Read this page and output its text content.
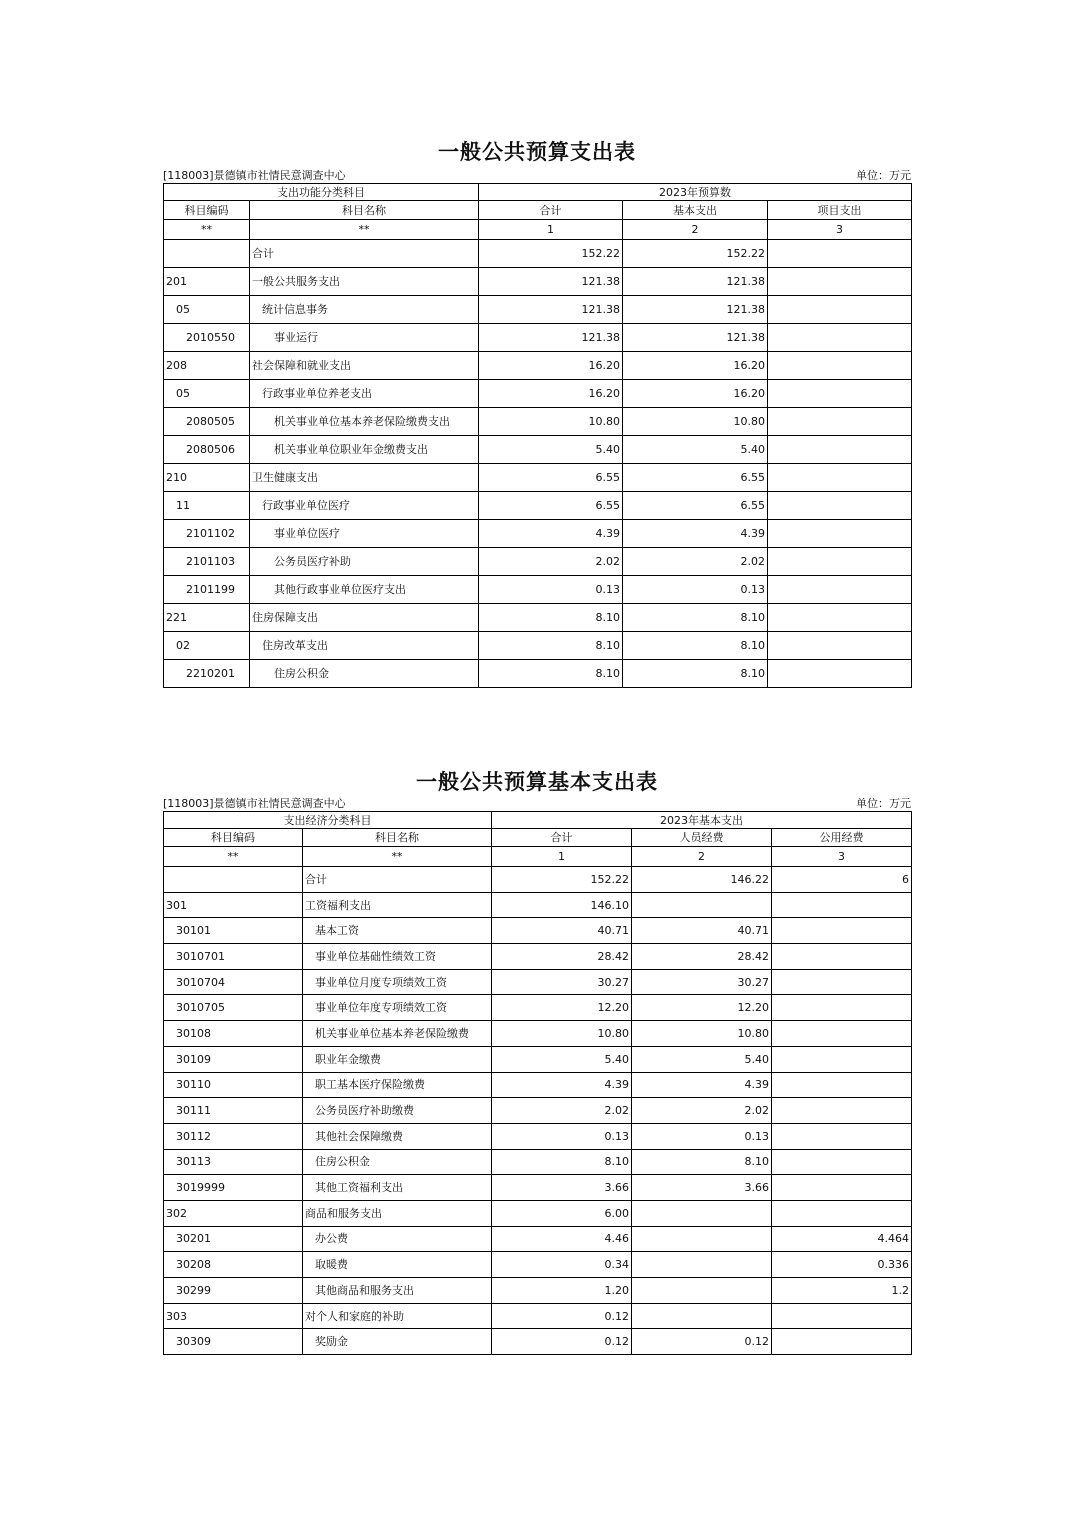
一般公共预算支出表
[118003]景德镇市社情民意调查中心	单位：万元
支出功能分类科目		2023年预算数		
科目编码	科目名称	合计	基本支出	项目支出
**	**	1	2	3
	合计	152.22	152.22	
201	一般公共服务支出	121.38	121.38	
05	统计信息事务	121.38	121.38	
2010550	事业运行	121.38	121.38	
208	社会保障和就业支出	16.20	16.20	
05	行政事业单位养老支出	16.20	16.20	
2080505	机关事业单位基本养老保险缴费支出	10.80	10.80	
2080506	机关事业单位职业年金缴费支出	5.40	5.40	
210	卫生健康支出	6.55	6.55	
11	行政事业单位医疗	6.55	6.55	
2101102	事业单位医疗	4.39	4.39	
2101103	公务员医疗补助	2.02	2.02	
2101199	其他行政事业单位医疗支出	0.13	0.13	
221	住房保障支出	8.10	8.10	
02	住房改革支出	8.10	8.10	
2210201	住房公积金	8.10	8.10	
一般公共预算基本支出表
[118003]景德镇市社情民意调查中心	单位：万元
支出经济分类科目		2023年基本支出		
科目编码	科目名称	合计	人员经费	公用经费
**	**	1	2	3
	合计	152.22	146.22	6
301	工资福利支出	146.10		
30101	基本工资	40.71	40.71	
3010701	事业单位基础性绩效工资	28.42	28.42	
3010704	事业单位月度专项绩效工资	30.27	30.27	
3010705	事业单位年度专项绩效工资	12.20	12.20	
30108	机关事业单位基本养老保险缴费	10.80	10.80	
30109	职业年金缴费	5.40	5.40	
30110	职工基本医疗保险缴费	4.39	4.39	
30111	公务员医疗补助缴费	2.02	2.02	
30112	其他社会保障缴费	0.13	0.13	
30113	住房公积金	8.10	8.10	
3019999	其他工资福利支出	3.66	3.66	
302	商品和服务支出	6.00		
30201	办公费	4.46		4.464
30208	取暖费	0.34		0.336
30299	其他商品和服务支出	1.20		1.2
303	对个人和家庭的补助	0.12		
30309	奖励金	0.12	0.12	
